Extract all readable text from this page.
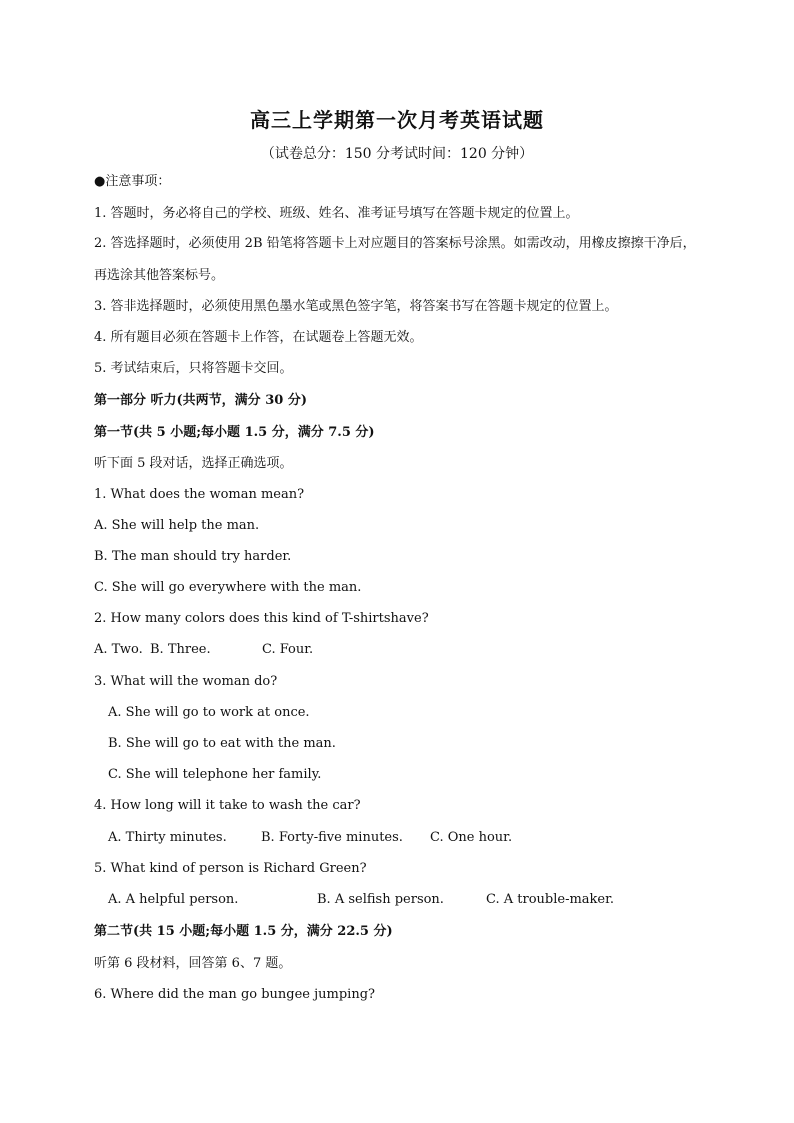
高三上学期第一次月考英语试题
（试卷总分：150 分考试时间：120 分钟）
●注意事项：
1. 答题时，务必将自己的学校、班级、姓名、准考证号填写在答题卡规定的位置上。
2. 答选择题时，必须使用 2B 铅笔将答题卡上对应题目的答案标号涂黑。如需改动，用橡皮擦擦干净后，再选涂其他答案标号。
3. 答非选择题时，必须使用黑色墨水笔或黑色签字笔，将答案书写在答题卡规定的位置上。
4. 所有题目必须在答题卡上作答，在试题卷上答题无效。
5. 考试结束后，只将答题卡交回。
第一部分 听力(共两节，满分 30 分)
第一节(共 5 小题;每小题 1.5 分，满分 7.5 分)
听下面 5 段对话，选择正确选项。
1. What does the woman mean?
A. She will help the man.
B. The man should try harder.
C. She will go everywhere with the man.
2. How many colors does this kind of T-shirtshave?
A. Two. B. Three.	C. Four.
3. What will the woman do?
A. She will go to work at once.
B. She will go to eat with the man.
C. She will telephone her family.
4. How long will it take to wash the car?
A. Thirty minutes.	B. Forty-five minutes. C. One hour.
5. What kind of person is Richard Green?
A. A helpful person.	B. A selfish person.	C. A trouble-maker.
第二节(共 15 小题;每小题 1.5 分，满分 22.5 分)
听第 6 段材料，回答第 6、7 题。
6. Where did the man go bungee jumping?
